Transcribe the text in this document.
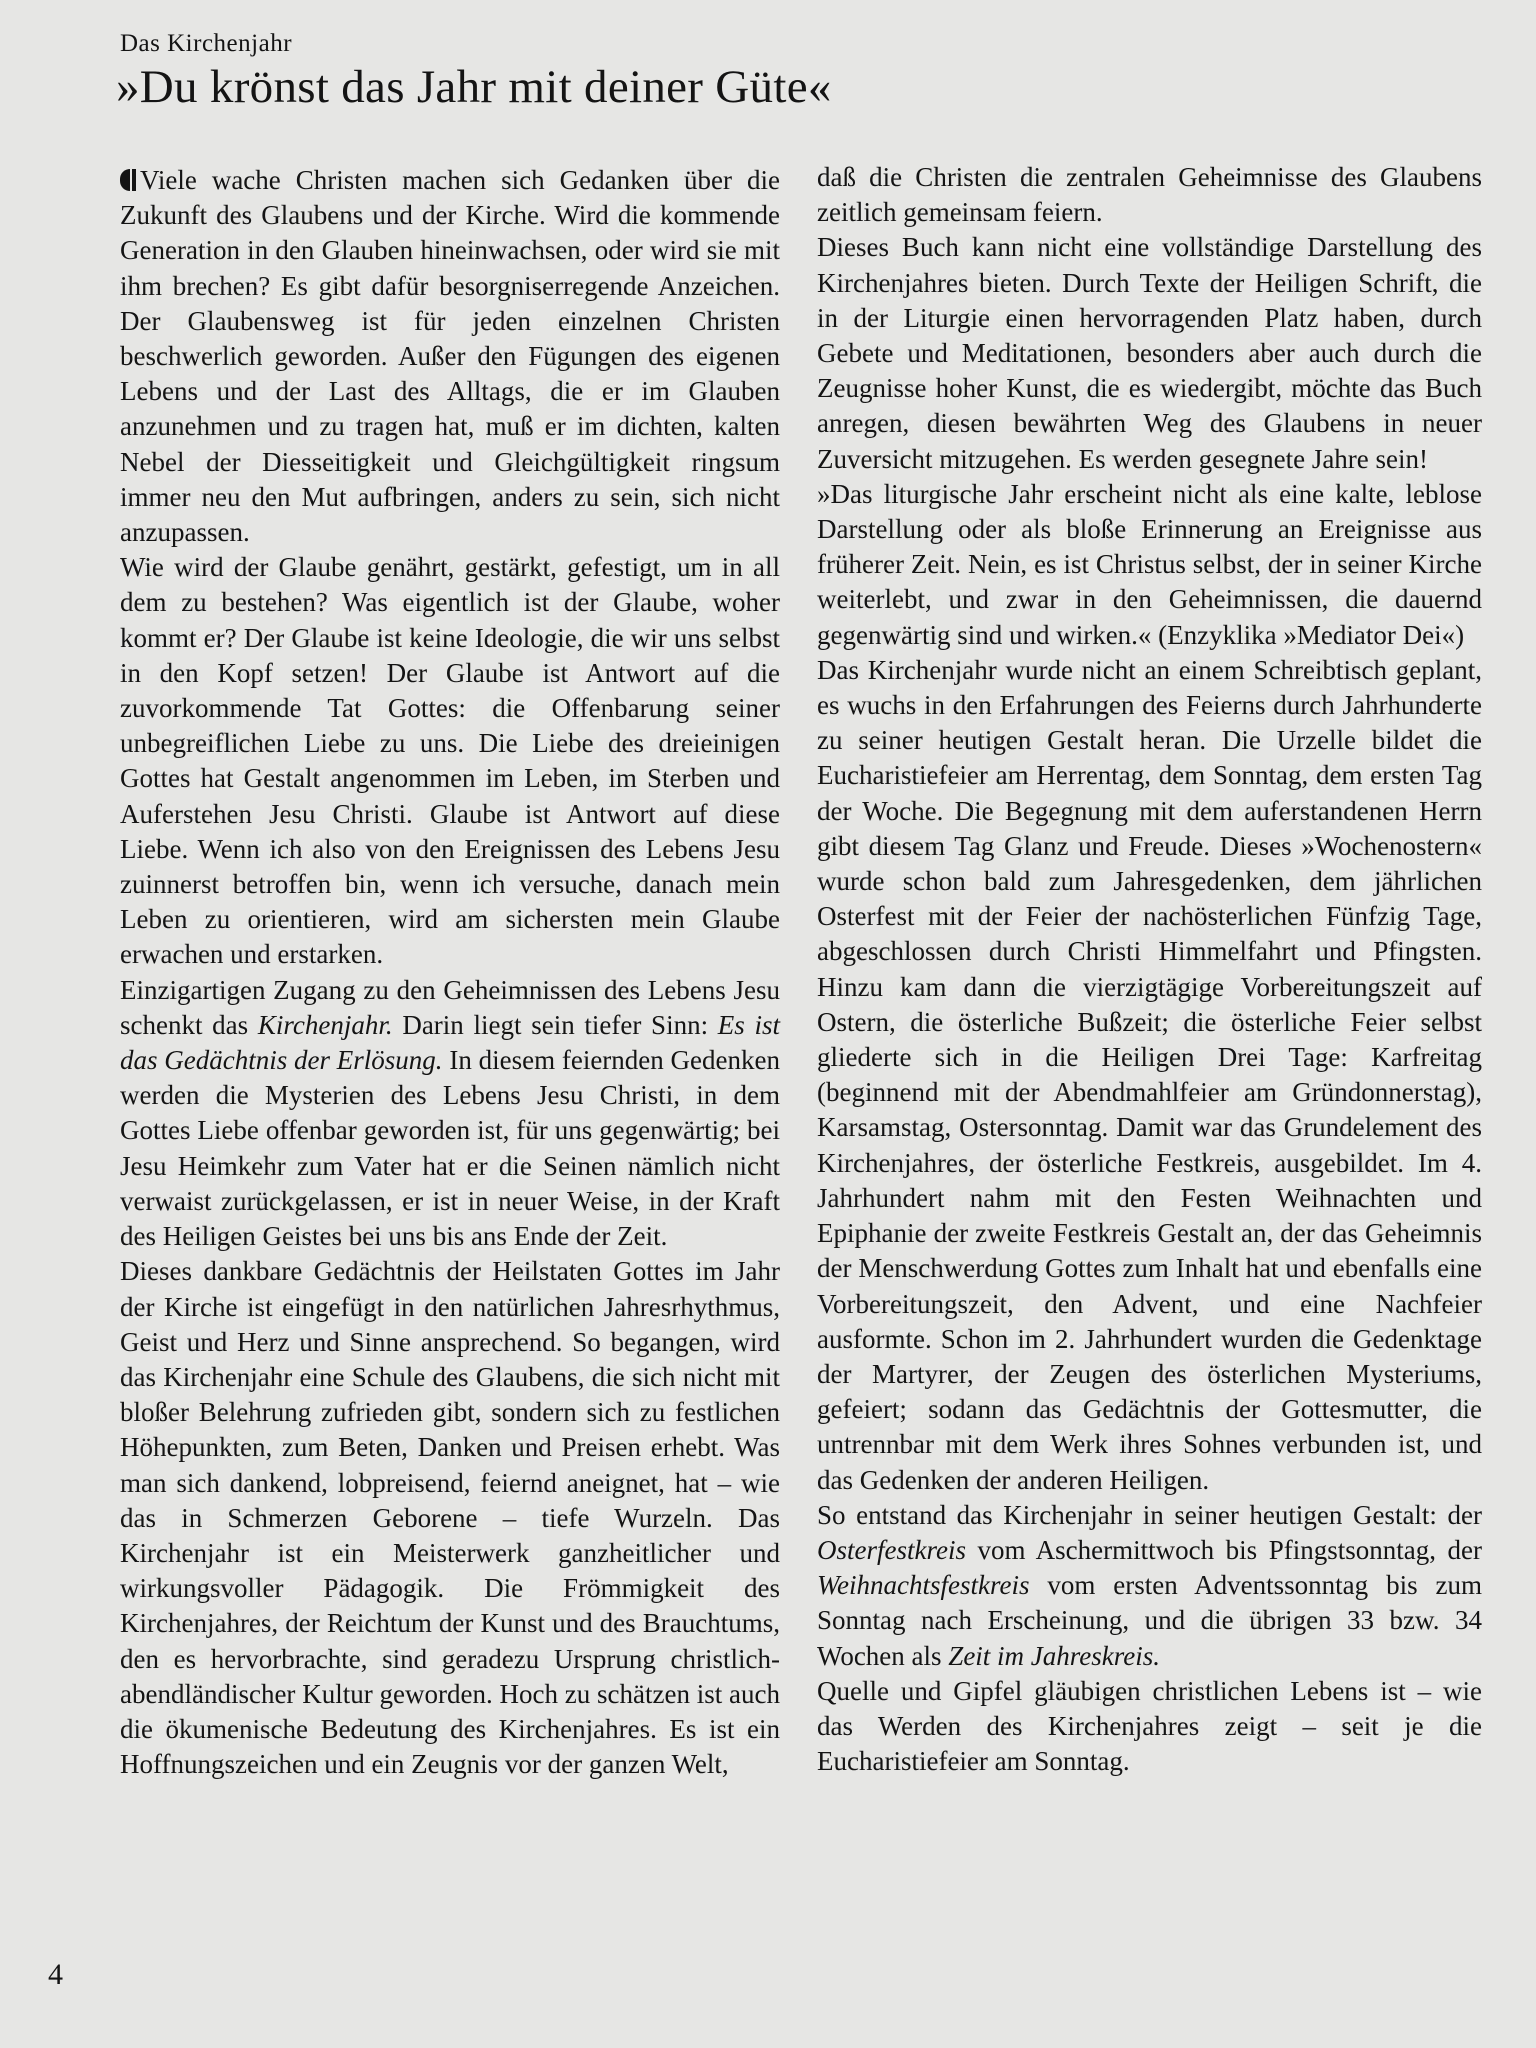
Das Kirchenjahr
»Du krönst das Jahr mit deiner Güte«

Viele wache Christen machen sich Gedanken über die Zukunft des Glaubens und der Kirche. Wird die kommende Generation in den Glauben hineinwachsen, oder wird sie mit ihm brechen? Es gibt dafür besorgniserregende Anzeichen. Der Glaubensweg ist für jeden einzelnen Christen beschwerlich geworden. Außer den Fügungen des eigenen Lebens und der Last des Alltags, die er im Glauben anzunehmen und zu tragen hat, muß er im dichten, kalten Nebel der Diesseitigkeit und Gleichgültigkeit ringsum immer neu den Mut aufbringen, anders zu sein, sich nicht anzupassen.

Wie wird der Glaube genährt, gestärkt, gefestigt, um in all dem zu bestehen? Was eigentlich ist der Glaube, woher kommt er? Der Glaube ist keine Ideologie, die wir uns selbst in den Kopf setzen! Der Glaube ist Antwort auf die zuvorkommende Tat Gottes: die Offenbarung seiner unbegreiflichen Liebe zu uns. Die Liebe des dreieinigen Gottes hat Gestalt angenommen im Leben, im Sterben und Auferstehen Jesu Christi. Glaube ist Antwort auf diese Liebe. Wenn ich also von den Ereignissen des Lebens Jesu zuinnerst betroffen bin, wenn ich versuche, danach mein Leben zu orientieren, wird am sichersten mein Glaube erwachen und erstarken.

Einzigartigen Zugang zu den Geheimnissen des Lebens Jesu schenkt das Kirchenjahr. Darin liegt sein tiefer Sinn: Es ist das Gedächtnis der Erlösung. In diesem feiernden Gedenken werden die Mysterien des Lebens Jesu Christi, in dem Gottes Liebe offenbar geworden ist, für uns gegenwärtig; bei Jesu Heimkehr zum Vater hat er die Seinen nämlich nicht verwaist zurückgelassen, er ist in neuer Weise, in der Kraft des Heiligen Geistes bei uns bis ans Ende der Zeit.

Dieses dankbare Gedächtnis der Heilstaten Gottes im Jahr der Kirche ist eingefügt in den natürlichen Jahresrhythmus, Geist und Herz und Sinne ansprechend. So begangen, wird das Kirchenjahr eine Schule des Glaubens, die sich nicht mit bloßer Belehrung zufrieden gibt, sondern sich zu festlichen Höhepunkten, zum Beten, Danken und Preisen erhebt. Was man sich dankend, lobpreisend, feiernd aneignet, hat – wie das in Schmerzen Geborene – tiefe Wurzeln. Das Kirchenjahr ist ein Meisterwerk ganzheitlicher und wirkungsvoller Pädagogik. Die Frömmigkeit des Kirchenjahres, der Reichtum der Kunst und des Brauchtums, den es hervorbrachte, sind geradezu Ursprung christlich-abendländischer Kultur geworden. Hoch zu schätzen ist auch die ökumenische Bedeutung des Kirchenjahres. Es ist ein Hoffnungszeichen und ein Zeugnis vor der ganzen Welt,

daß die Christen die zentralen Geheimnisse des Glaubens zeitlich gemeinsam feiern.

Dieses Buch kann nicht eine vollständige Darstellung des Kirchenjahres bieten. Durch Texte der Heiligen Schrift, die in der Liturgie einen hervorragenden Platz haben, durch Gebete und Meditationen, besonders aber auch durch die Zeugnisse hoher Kunst, die es wiedergibt, möchte das Buch anregen, diesen bewährten Weg des Glaubens in neuer Zuversicht mitzugehen. Es werden gesegnete Jahre sein!

»Das liturgische Jahr erscheint nicht als eine kalte, leblose Darstellung oder als bloße Erinnerung an Ereignisse aus früherer Zeit. Nein, es ist Christus selbst, der in seiner Kirche weiterlebt, und zwar in den Geheimnissen, die dauernd gegenwärtig sind und wirken.« (Enzyklika »Mediator Dei«)

Das Kirchenjahr wurde nicht an einem Schreibtisch geplant, es wuchs in den Erfahrungen des Feierns durch Jahrhunderte zu seiner heutigen Gestalt heran. Die Urzelle bildet die Eucharistiefeier am Herrentag, dem Sonntag, dem ersten Tag der Woche. Die Begegnung mit dem auferstandenen Herrn gibt diesem Tag Glanz und Freude. Dieses »Wochenostern« wurde schon bald zum Jahresgedenken, dem jährlichen Osterfest mit der Feier der nachösterlichen Fünfzig Tage, abgeschlossen durch Christi Himmelfahrt und Pfingsten. Hinzu kam dann die vierzigtägige Vorbereitungszeit auf Ostern, die österliche Bußzeit; die österliche Feier selbst gliederte sich in die Heiligen Drei Tage: Karfreitag (beginnend mit der Abendmahlfeier am Gründonnerstag), Karsamstag, Ostersonntag. Damit war das Grundelement des Kirchenjahres, der österliche Festkreis, ausgebildet. Im 4. Jahrhundert nahm mit den Festen Weihnachten und Epiphanie der zweite Festkreis Gestalt an, der das Geheimnis der Menschwerdung Gottes zum Inhalt hat und ebenfalls eine Vorbereitungszeit, den Advent, und eine Nachfeier ausformte. Schon im 2. Jahrhundert wurden die Gedenktage der Martyrer, der Zeugen des österlichen Mysteriums, gefeiert; sodann das Gedächtnis der Gottesmutter, die untrennbar mit dem Werk ihres Sohnes verbunden ist, und das Gedenken der anderen Heiligen.

So entstand das Kirchenjahr in seiner heutigen Gestalt: der Osterfestkreis vom Aschermittwoch bis Pfingstsonntag, der Weihnachtsfestkreis vom ersten Adventssonntag bis zum Sonntag nach Erscheinung, und die übrigen 33 bzw. 34 Wochen als Zeit im Jahreskreis.

Quelle und Gipfel gläubigen christlichen Lebens ist – wie das Werden des Kirchenjahres zeigt – seit je die Eucharistiefeier am Sonntag.

4
